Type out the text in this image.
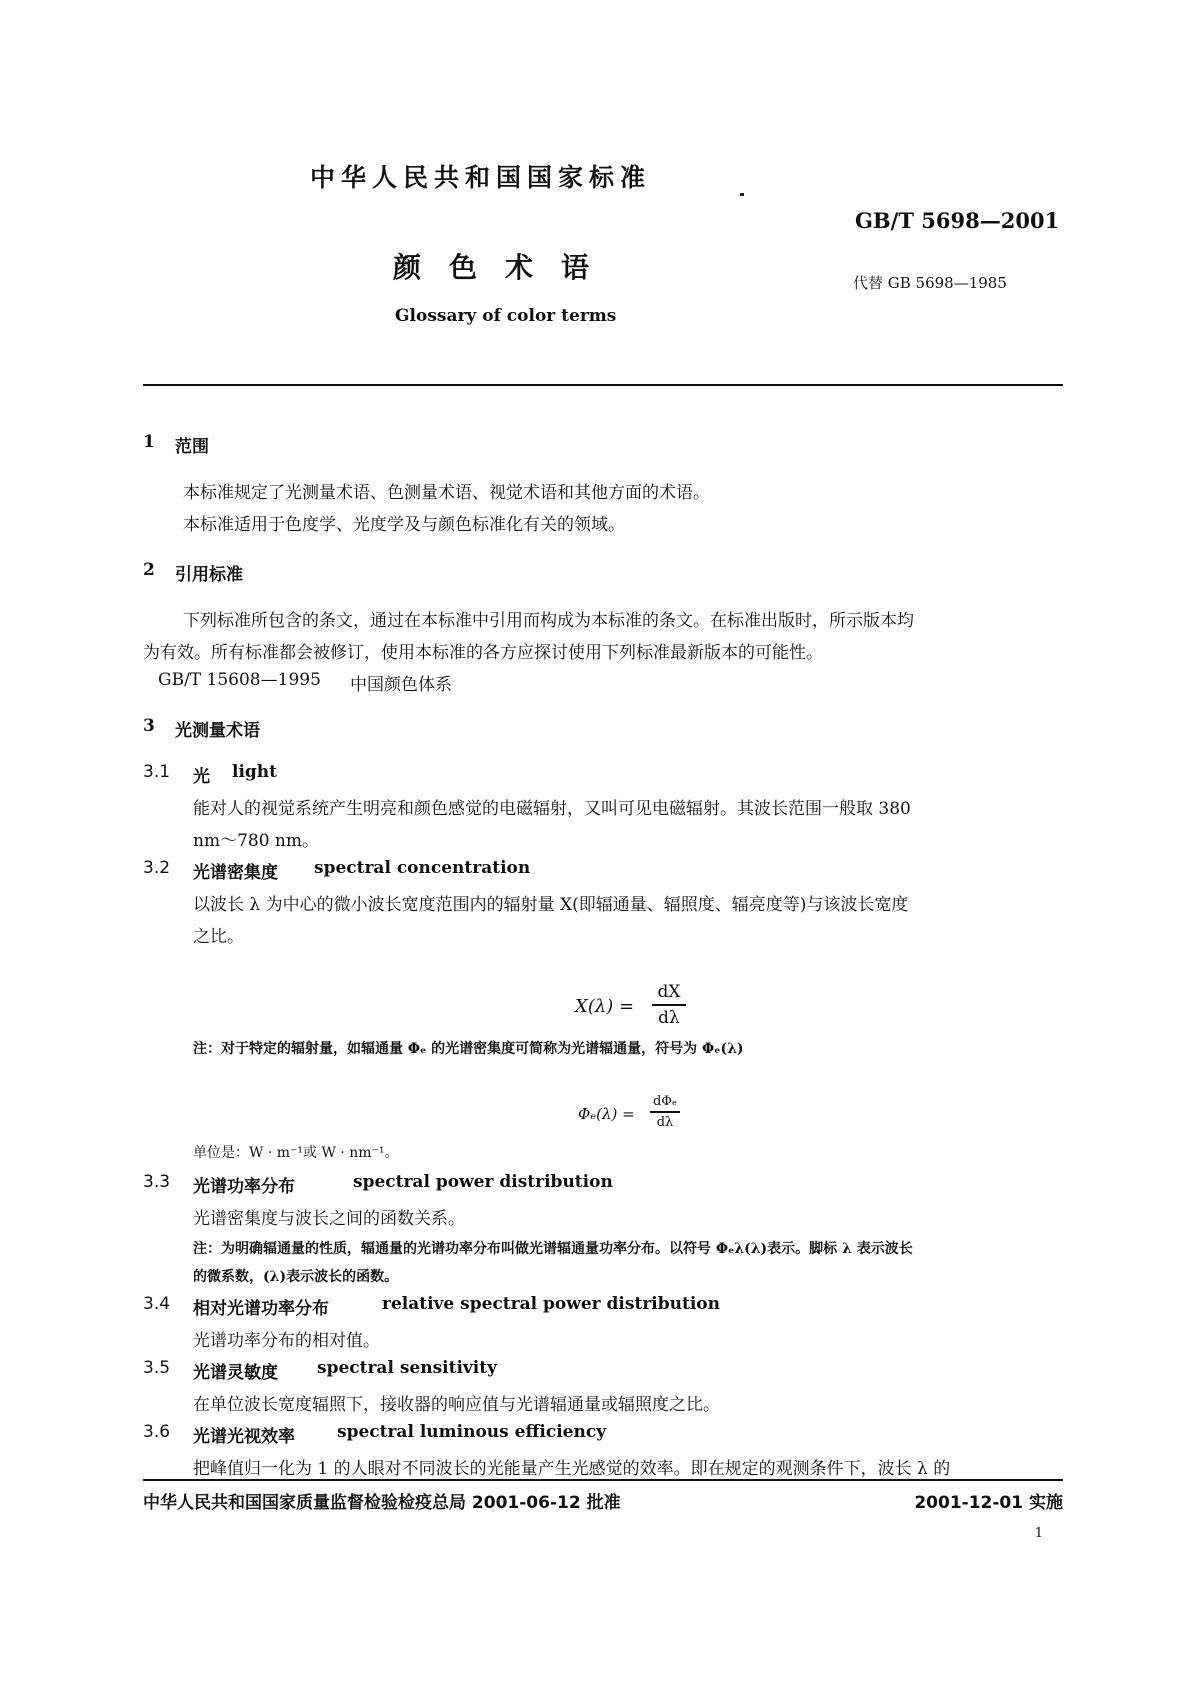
中华人民共和国国家标准
GB/T 5698—2001
颜　色　术　语	代替 GB 5698—1985
Glossary of color terms
1 范围
本标准规定了光测量术语、色测量术语、视觉术语和其他方面的术语。
本标准适用于色度学、光度学及与颜色标准化有关的领域。
2 引用标准
下列标准所包含的条文，通过在本标准中引用而构成为本标准的条文。在标准出版时，所示版本均
为有效。所有标准都会被修订，使用本标准的各方应探讨使用下列标准最新版本的可能性。
GB/T 15608—1995 中国颜色体系
3 光测量术语
3.1 光 light
能对人的视觉系统产生明亮和颜色感觉的电磁辐射，又叫可见电磁辐射。其波长范围一般取 380
nm～780 nm。
3.2 光谱密集度 spectral concentration
以波长 λ 为中心的微小波长宽度范围内的辐射量 X(即辐通量、辐照度、辐亮度等)与该波长宽度
之比。
X(λ) =
dX
dλ
注：对于特定的辐射量，如辐通量 Φₑ 的光谱密集度可简称为光谱辐通量，符号为 Φₑ(λ)
Φₑ(λ) =
dΦₑ
dλ
单位是：W · m⁻¹或 W · nm⁻¹。
3.3 光谱功率分布	spectral power distribution
光谱密集度与波长之间的函数关系。
注：为明确辐通量的性质，辐通量的光谱功率分布叫做光谱辐通量功率分布。以符号 Φₑλ(λ)表示。脚标 λ 表示波长
的微系数，(λ)表示波长的函数。
3.4 相对光谱功率分布	relative spectral power distribution
光谱功率分布的相对值。
3.5 光谱灵敏度 spectral sensitivity
在单位波长宽度辐照下，接收器的响应值与光谱辐通量或辐照度之比。
3.6 光谱光视效率 spectral luminous efficiency
把峰值归一化为 1 的人眼对不同波长的光能量产生光感觉的效率。即在规定的观测条件下，波长 λ 的
中华人民共和国国家质量监督检验检疫总局 2001-06-12 批准	2001-12-01 实施
1
